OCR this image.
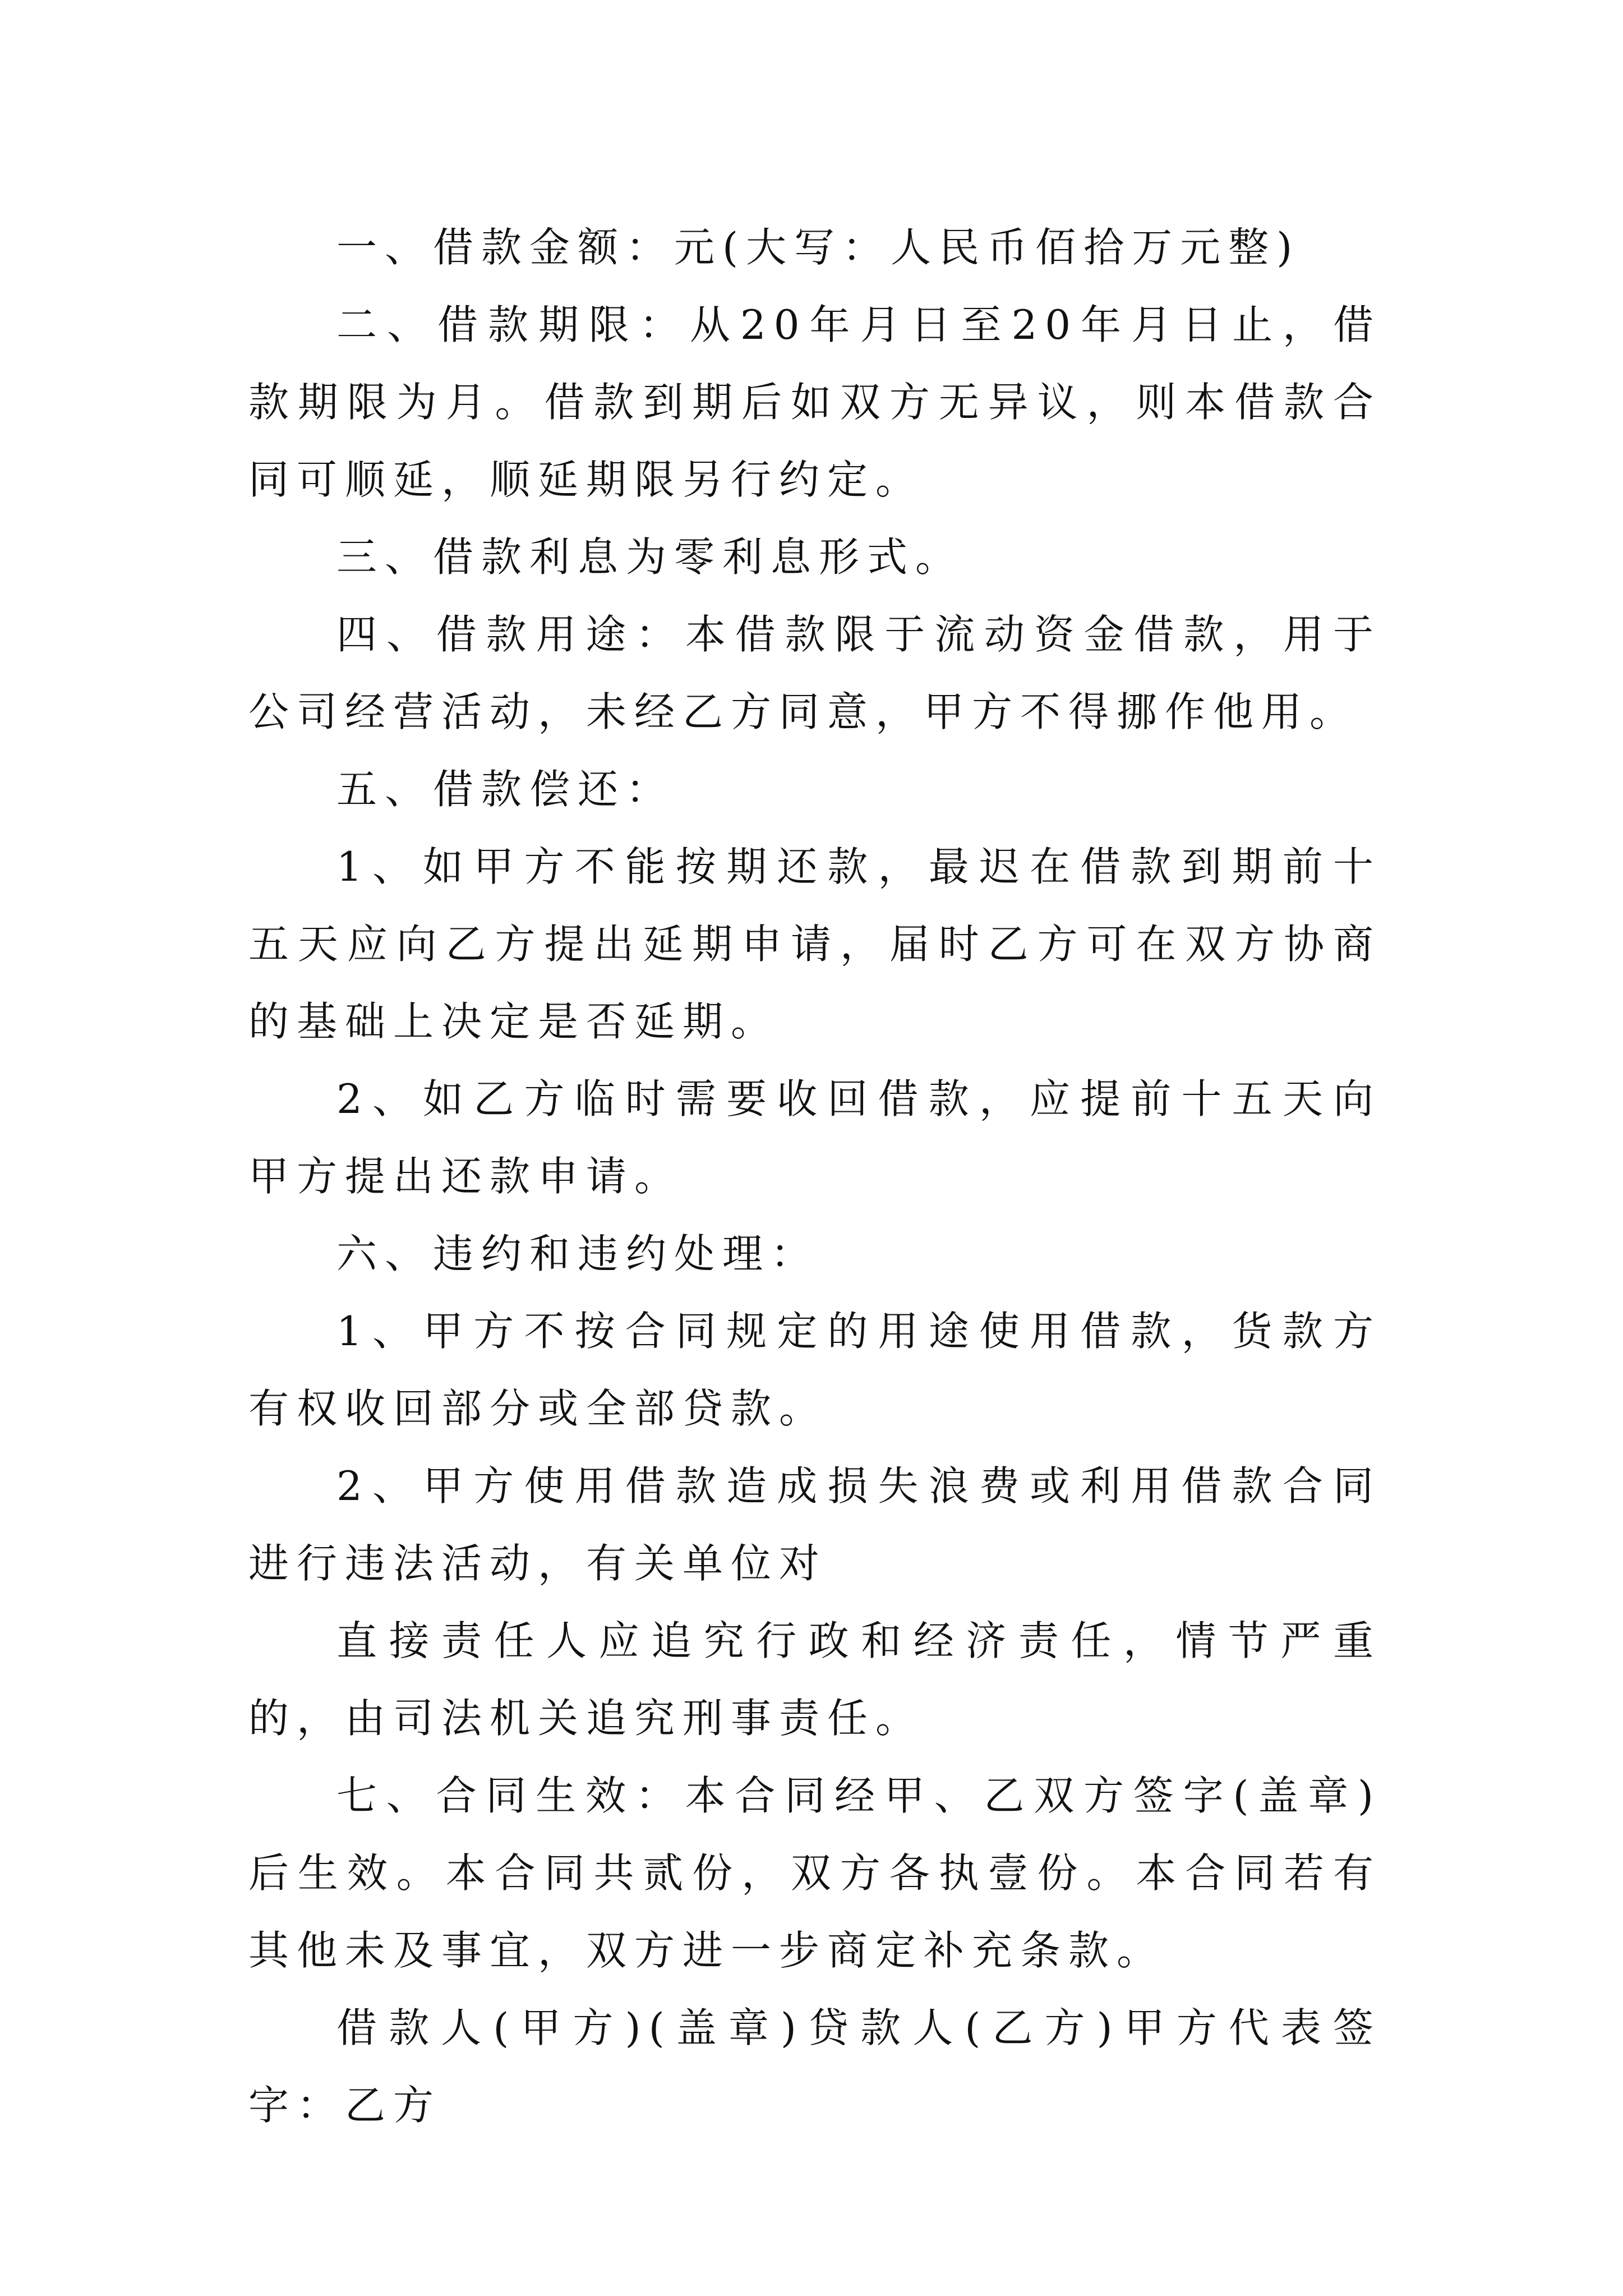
一、借款金额：元(大写：人民币佰拾万元整)

二、借款期限：从20年月日至20年月日止，借款期限为月。借款到期后如双方无异议，则本借款合同可顺延，顺延期限另行约定。

三、借款利息为零利息形式。

四、借款用途：本借款限于流动资金借款，用于公司经营活动，未经乙方同意，甲方不得挪作他用。

五、借款偿还：

1、如甲方不能按期还款，最迟在借款到期前十五天应向乙方提出延期申请，届时乙方可在双方协商的基础上决定是否延期。

2、如乙方临时需要收回借款，应提前十五天向甲方提出还款申请。

六、违约和违约处理：

1、甲方不按合同规定的用途使用借款，货款方有权收回部分或全部贷款。

2、甲方使用借款造成损失浪费或利用借款合同进行违法活动，有关单位对

直接责任人应追究行政和经济责任，情节严重的，由司法机关追究刑事责任。

七、合同生效：本合同经甲、乙双方签字(盖章)后生效。本合同共贰份，双方各执壹份。本合同若有其他未及事宜，双方进一步商定补充条款。

借款人(甲方)(盖章)贷款人(乙方)甲方代表签字：乙方
